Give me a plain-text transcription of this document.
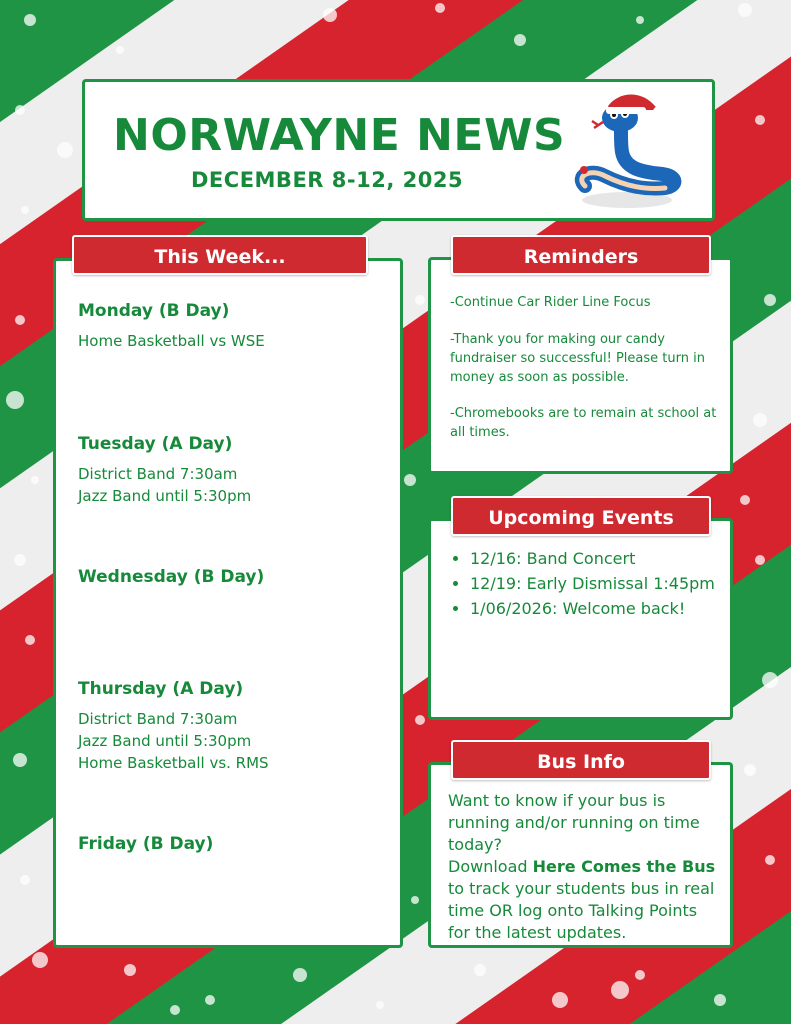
NORWAYNE NEWS
DECEMBER 8-12, 2025
This Week...
Monday (B Day)
Home Basketball vs WSE
Tuesday (A Day)
District Band 7:30am
Jazz Band until 5:30pm
Wednesday (B Day)
Thursday (A Day)
District Band 7:30am
Jazz Band until 5:30pm
Home Basketball vs. RMS
Friday (B Day)
Reminders
-Continue Car Rider Line Focus
-Thank you for making our candy fundraiser so successful! Please turn in money as soon as possible.
-Chromebooks are to remain at school at all times.
Upcoming Events
• 12/16: Band Concert
• 12/19: Early Dismissal 1:45pm
• 1/06/2026: Welcome back!
Bus Info
Want to know if your bus is running and/or running on time today?
Download Here Comes the Bus to track your students bus in real time OR log onto Talking Points for the latest updates.
